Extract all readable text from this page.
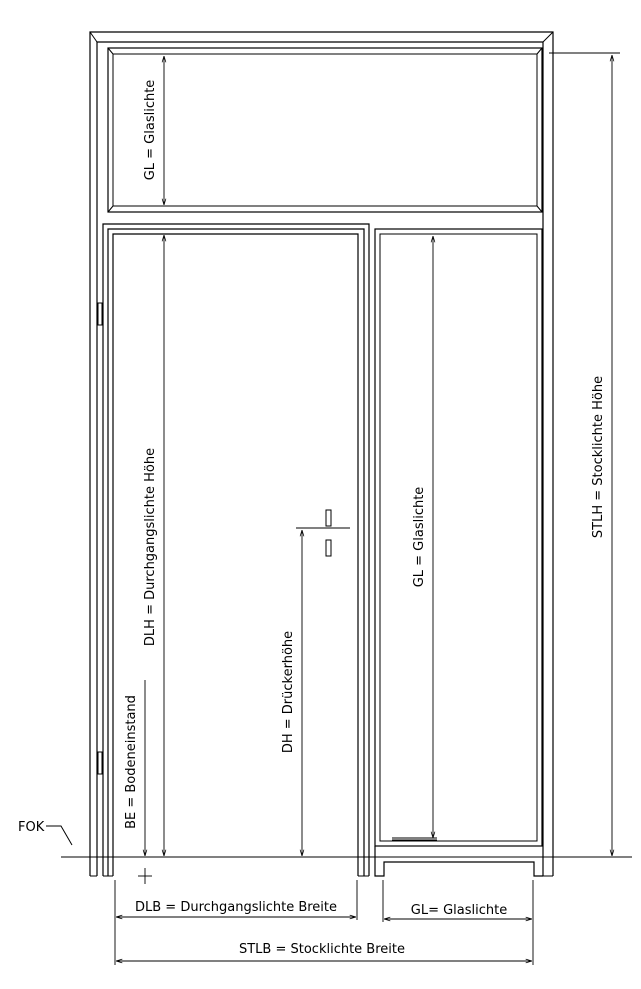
GL = Glaslichte
DLH = Durchgangslichte Höhe
BE = Bodeneinstand
DH = Drückerhöhe
GL = Glaslichte	STLH = Stocklichte Höhe
FOK
DLB = Durchgangslichte Breite	GL= Glaslichte
STLB = Stocklichte Breite
